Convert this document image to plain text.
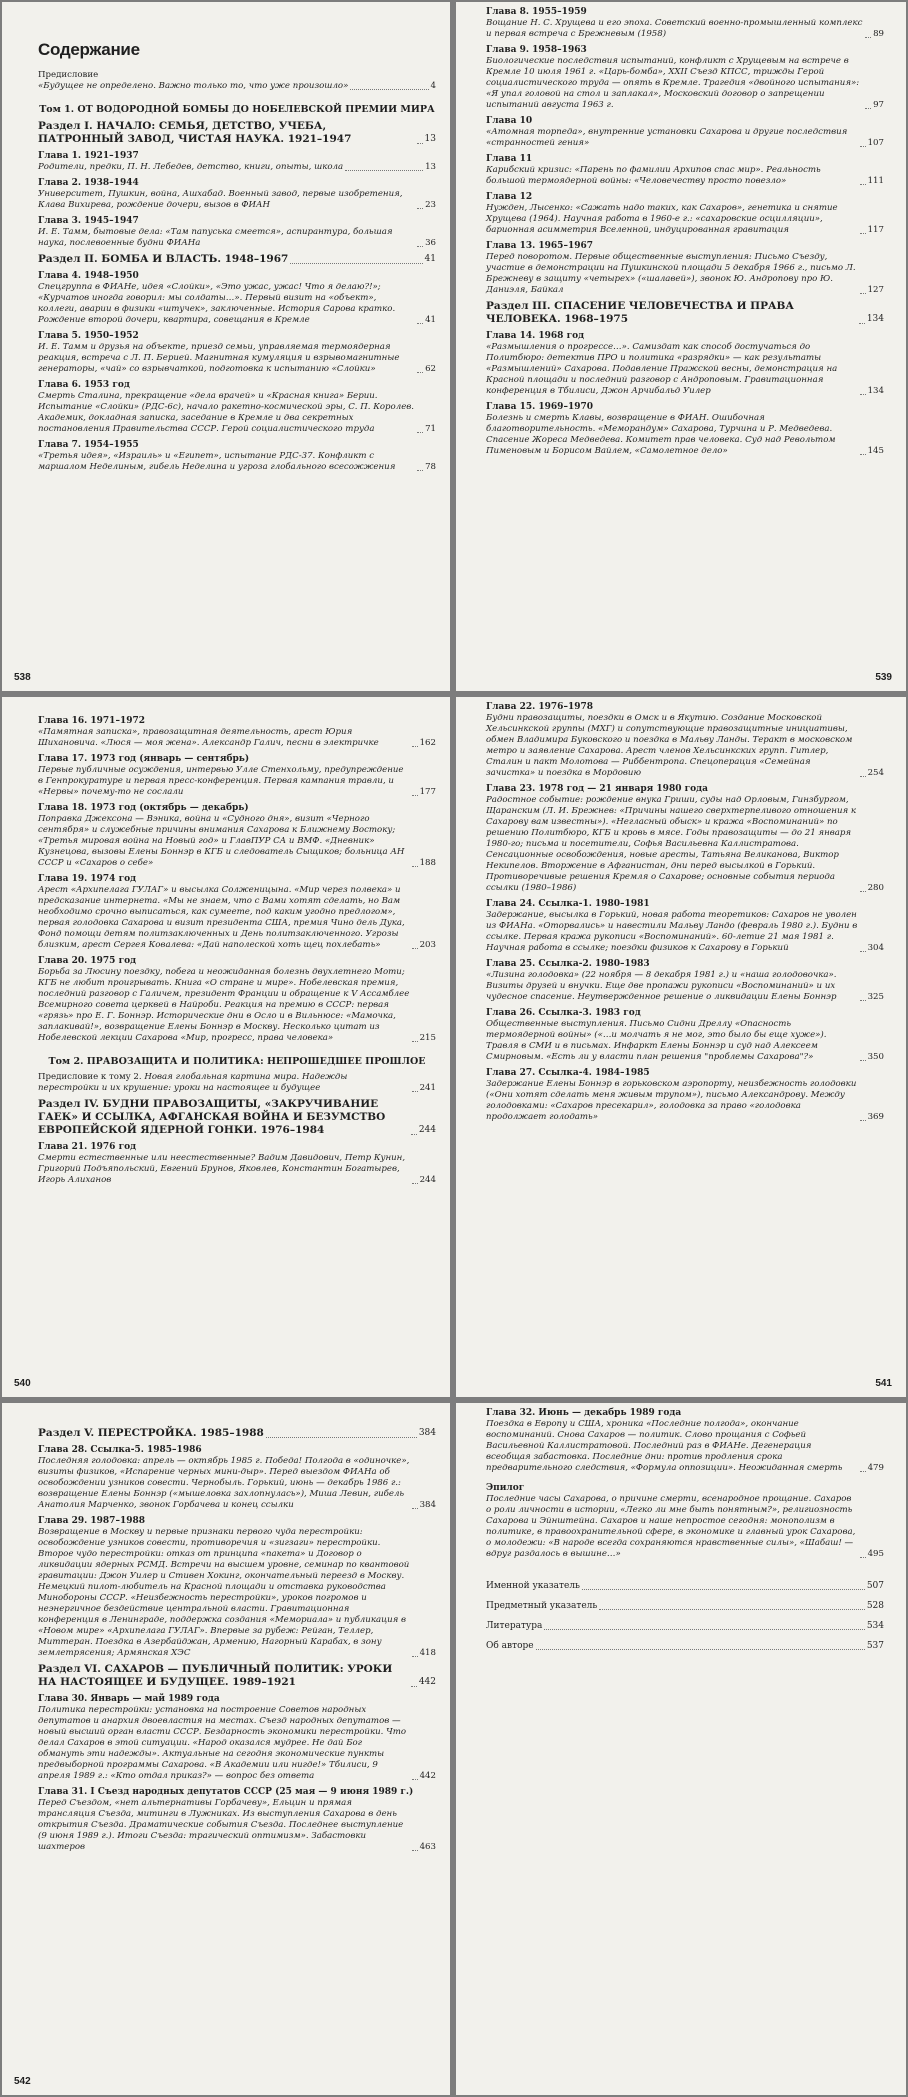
Содержание
Предисловие
«Будущее не определено. Важно только то, что уже произошло»	4
Том 1. ОТ ВОДОРОДНОЙ БОМБЫ ДО НОБЕЛЕВСКОЙ ПРЕМИИ МИРА
Раздел I. НАЧАЛО: СЕМЬЯ, ДЕТСТВО, УЧЕБА, ПАТРОННЫЙ ЗАВОД, ЧИСТАЯ НАУКА. 1921–1947	13
Глава 1. 1921–1937
Родители, предки, П. Н. Лебедев, детство, книги, опыты, школа	13
Глава 2. 1938–1944
Университет, Пушкин, война, Ашхабад. Военный завод, первые изобретения, Клава Вихирева, рождение дочери, вызов в ФИАН	23
Глава 3. 1945–1947
И. Е. Тамм, бытовые дела: «Там папуська смеется», аспирантура, большая наука, послевоенные будни ФИАНа	36
Раздел II. БОМБА И ВЛАСТЬ. 1948–1967	41
Глава 4. 1948–1950
Спецгруппа в ФИАНе, идея «Слойки», «Это ужас, ужас! Что я делаю?!»; «Курчатов иногда говорил: мы солдаты…». Первый визит на «объект», коллеги, аварии в физики «штучек», заключенные. История Сарова кратко. Рождение второй дочери, квартира, совещания в Кремле	41
Глава 5. 1950–1952
И. Е. Тамм и друзья на объекте, приезд семьи, управляемая термоядерная реакция, встреча с Л. П. Берией. Магнитная кумуляция и взрывомагнитные генераторы, «чай» со взрывчаткой, подготовка к испытанию «Слойки»	62
Глава 6. 1953 год
Смерть Сталина, прекращение «дела врачей» и «Красная книга» Берии. Испытание «Слойки» (РДС-6с), начало ракетно-космической эры, С. П. Королев. Академик, докладная записка, заседание в Кремле и два секретных постановления Правительства СССР. Герой социалистического труда	71
Глава 7. 1954–1955
«Третья идея», «Израиль» и «Египет», испытание РДС-37. Конфликт с маршалом Неделиным, гибель Неделина и угроза глобального всесожжения	78
538
Глава 8. 1955–1959
Вощание Н. С. Хрущева и его эпоха. Советский военно-промышленный комплекс и первая встреча с Брежневым (1958)	89
Глава 9. 1958–1963
Биологические последствия испытаний, конфликт с Хрущевым на встрече в Кремле 10 июля 1961 г. «Царь-бомба», XXII Съезд КПСС, трижды Герой социалистического труда — опять в Кремле. Трагедия «двойного испытания»: «Я упал головой на стол и заплакал», Московский договор о запрещении испытаний августа 1963 г.	97
Глава 10
«Атомная торпеда», внутренние установки Сахарова и другие последствия «странностей гения»	107
Глава 11
Карибский кризис: «Парень по фамилии Архипов спас мир». Реальность большой термоядерной войны: «Человечеству просто повезло»	111
Глава 12
Нужден, Лысенко: «Сажать надо таких, как Сахаров», генетика и снятие Хрущева (1964). Научная работа в 1960-е г.: «сахаровские осцилляции», барионная асимметрия Вселенной, индуцированная гравитация	117
Глава 13. 1965–1967
Перед поворотом. Первые общественные выступления: Письмо Съезду, участие в демонстрации на Пушкинской площади 5 декабря 1966 г., письмо Л. Брежневу в защиту «четырех» («шалавей»), звонок Ю. Андропову про Ю. Даниэля, Байкал	127
Раздел III. СПАСЕНИЕ ЧЕЛОВЕЧЕСТВА И ПРАВА ЧЕЛОВЕКА. 1968–1975	134
Глава 14. 1968 год
«Размышления о прогрессе…». Самиздат как способ достучаться до Политбюро: детектив ПРО и политика «разрядки» — как результаты «Размышлений» Сахарова. Подавление Пражской весны, демонстрация на Красной площади и последний разговор с Андроповым. Гравитационная конференция в Тбилиси, Джон Арчибальд Уилер	134
Глава 15. 1969–1970
Болезнь и смерть Клавы, возвращение в ФИАН. Ошибочная благотворительность. «Меморандум» Сахарова, Турчина и Р. Медведева. Спасение Жореса Медведева. Комитет прав человека. Суд над Револьтом Пименовым и Борисом Вайлем, «Самолетное дело»	145
539
Глава 16. 1971–1972
«Памятная записка», правозащитная деятельность, арест Юрия Шихановича. «Люся — моя жена». Александр Галич, песни в электричке	162
Глава 17. 1973 год (январь — сентябрь)
Первые публичные осуждения, интервью Улле Стенхольму, предупреждение в Генпрокуратуре и первая пресс-конференция. Первая кампания травли, и «Нервы» почему-то не сослали	177
Глава 18. 1973 год (октябрь — декабрь)
Поправка Джексона — Вэника, война и «Судного дня», визит «Черного сентября» и служебные причины внимания Сахарова к Ближнему Востоку; «Третья мировая война на Новый год» и ГлавПУР СА и ВМФ. «Дневник» Кузнецова, вызовы Елены Боннэр в КГБ и следователь Сыщиков; больница АН СССР и «Сахаров о себе»	188
Глава 19. 1974 год
Арест «Архипелага ГУЛАГ» и высылка Солженицына. «Мир через полвека» и предсказание интернета. «Мы не знаем, что с Вами хотят сделать, но Вам необходимо срочно выписаться, как сумеете, под каким угодно предлогом», первая голодовка Сахарова и визит президента США, премия Чино дель Дука, Фонд помощи детям политзаключенных и День политзаключенного. Угрозы близким, арест Сергея Ковалева: «Дай наполеской хоть щец похлебать»	203
Глава 20. 1975 год
Борьба за Люсину поездку, побега и неожиданная болезнь двухлетнего Моти; КГБ не любит проигрывать. Книга «О стране и мире». Нобелевская премия, последний разговор с Галичем, президент Франции и обращение к V Ассамблее Всемирного совета церквей в Найроби. Реакция на премию в СССР: первая «грязь» про Е. Г. Боннэр. Исторические дни в Осло и в Вильнюсе: «Мамочка, заплакивай!», возвращение Елены Боннэр в Москву. Несколько цитат из Нобелевской лекции Сахарова «Мир, прогресс, права человека»	215
Том 2. ПРАВОЗАЩИТА И ПОЛИТИКА: НЕПРОШЕДШЕЕ ПРОШЛОЕ
Предисловие к тому 2. Новая глобальная картина мира. Надежды перестройки и их крушение: уроки на настоящее и будущее	241
Раздел IV. БУДНИ ПРАВОЗАЩИТЫ, «ЗАКРУЧИВАНИЕ ГАЕК» И ССЫЛКА, АФГАНСКАЯ ВОЙНА И БЕЗУМСТВО ЕВРОПЕЙСКОЙ ЯДЕРНОЙ ГОНКИ. 1976–1984	244
Глава 21. 1976 год
Смерти естественные или неестественные? Вадим Давидович, Петр Кунин, Григорий Подъяпольский, Евгений Брунов, Яковлев, Константин Богатырев, Игорь Алиханов	244
540
Глава 22. 1976–1978
Будни правозащиты, поездки в Омск и в Якутию. Создание Московской Хельсинкской группы (МХГ) и сопутствующие правозащитные инициативы, обмен Владимира Буковского и поездка в Мальву Ланды. Теракт в московском метро и заявление Сахарова. Арест членов Хельсинкских групп. Гитлер, Сталин и пакт Молотова — Риббентропа. Спецоперация «Семейная зачистка» и поездка в Мордовию	254
Глава 23. 1978 год — 21 января 1980 года
Радостное событие: рождение внука Гриши, суды над Орловым, Гинзбургом, Щаранским (Л. И. Брежнев: «Причины нашего сверхтерпеливого отношения к Сахарову вам известны»). «Негласный обыск» и кража «Воспоминаний» по решению Политбюро, КГБ и кровь в мясе. Годы правозащиты — до 21 января 1980-го; письма и посетители, Софья Васильевна Каллистратова. Сенсационные освобождения, новые аресты, Татьяна Великанова, Виктор Некипелов. Вторжение в Афганистан, дни перед высылкой в Горький. Противоречивые решения Кремля о Сахарове; основные события периода ссылки (1980–1986)	280
Глава 24. Ссылка-1. 1980–1981
Задержание, высылка в Горький, новая работа теоретиков: Сахаров не уволен из ФИАНа. «Оторвались» и навестили Мальву Ландо (февраль 1980 г.). Будни в ссылке. Первая кража рукописи «Воспоминаний». 60-летие 21 мая 1981 г. Научная работа в ссылке; поездки физиков к Сахарову в Горький	304
Глава 25. Ссылка-2. 1980–1983
«Лизина голодовка» (22 ноября — 8 декабря 1981 г.) и «наша голодовочка». Визиты друзей и внучки. Еще две пропажи рукописи «Воспоминаний» и их чудесное спасение. Неутвержденное решение о ликвидации Елены Боннэр	325
Глава 26. Ссылка-3. 1983 год
Общественные выступления. Письмо Сидни Дреллу «Опасность термоядерной войны» («…и молчать я не мог, это было бы еще хуже»). Травля в СМИ и в письмах. Инфаркт Елены Боннэр и суд над Алексеем Смирновым. «Есть ли у власти план решения "проблемы Сахарова"?»	350
Глава 27. Ссылка-4. 1984–1985
Задержание Елены Боннэр в горьковском аэропорту, неизбежность голодовки («Они хотят сделать меня живым трупом»), письмо Александрову. Между голодовками: «Сахаров пресекарил», голодовка за право «голодовка продолжает голодать»	369
541
Раздел V. ПЕРЕСТРОЙКА. 1985–1988	384
Глава 28. Ссылка-5. 1985–1986
Последняя голодовка: апрель — октябрь 1985 г. Победа! Полгода в «одиночке», визиты физиков, «Испарение черных мини-дыр». Перед выездом ФИАНа об освобождении узников совести. Чернобыль. Горький, июнь — декабрь 1986 г.: возвращение Елены Боннэр («мышеловка захлопнулась»), Миша Левин, гибель Анатолия Марченко, звонок Горбачева и конец ссылки	384
Глава 29. 1987–1988
Возвращение в Москву и первые признаки первого чуда перестройки: освобождение узников совести, противоречия и «зигзаги» перестройки. Второе чудо перестройки: отказ от принципа «пакета» и Договор о ликвидации ядерных РСМД. Встречи на высшем уровне, семинар по квантовой гравитации: Джон Уилер и Стивен Хокинг, окончательный переезд в Москву. Немецкий пилот-любитель на Красной площади и отставка руководства Минобороны СССР. «Неизбежность перестройки», уроков погромов и неэнергичное бездействие центральной власти. Гравитационная конференция в Ленинграде, поддержка создания «Мемориала» и публикация в «Новом мире» «Архипелага ГУЛАГ». Впервые за рубеж: Рейган, Теллер, Миттеран. Поездка в Азербайджан, Армению, Нагорный Карабах, в зону землетрясения; Армянская ХЭС	418
Раздел VI. САХАРОВ — ПУБЛИЧНЫЙ ПОЛИТИК: УРОКИ НА НАСТОЯЩЕЕ И БУДУЩЕЕ. 1989–1921	442
Глава 30. Январь — май 1989 года
Политика перестройки: установка на построение Советов народных депутатов и анархия двоевластия на местах. Съезд народных депутатов — новый высший орган власти СССР. Бездарность экономики перестройки. Что делал Сахаров в этой ситуации. «Народ оказался мудрее. Не дай Бог обмануть эти надежды». Актуальные на сегодня экономические пункты предвыборной программы Сахарова. «В Академии или нигде!» Тбилиси, 9 апреля 1989 г.: «Кто отдал приказ?» — вопрос без ответа	442
Глава 31. I Съезд народных депутатов СССР (25 мая — 9 июня 1989 г.)
Перед Съездом, «нет альтернативы Горбачеву», Ельцин и прямая трансляция Съезда, митинги в Лужниках. Из выступления Сахарова в день открытия Съезда. Драматические события Съезда. Последнее выступление (9 июня 1989 г.). Итоги Съезда: трагический оптимизм». Забастовки шахтеров	463
542
Глава 32. Июнь — декабрь 1989 года
Поездка в Европу и США, хроника «Последние полгода», окончание воспоминаний. Снова Сахаров — политик. Слово прощания с Софьей Васильевной Каллистратовой. Последний раз в ФИАНе. Дегенерация всеобщая забастовка. Последние дни: против продления срока предварительного следствия, «Формула оппозиции». Неожиданная смерть	479
Эпилог
Последние часы Сахарова, о причине смерти, всенародное прощание. Сахаров о роли личности в истории, «Легко ли мне быть понятным?», религиозность Сахарова и Эйнштейна. Сахаров и наше непростое сегодня: монополизм в политике, в правоохранительной сфере, в экономике и главный урок Сахарова, о молодежи: «В народе всегда сохраняются нравственные силы», «Шабаш! — вдруг раздалось в вышине…»	495
Именной указатель	507
Предметный указатель	528
Литература	534
Об авторе	537
